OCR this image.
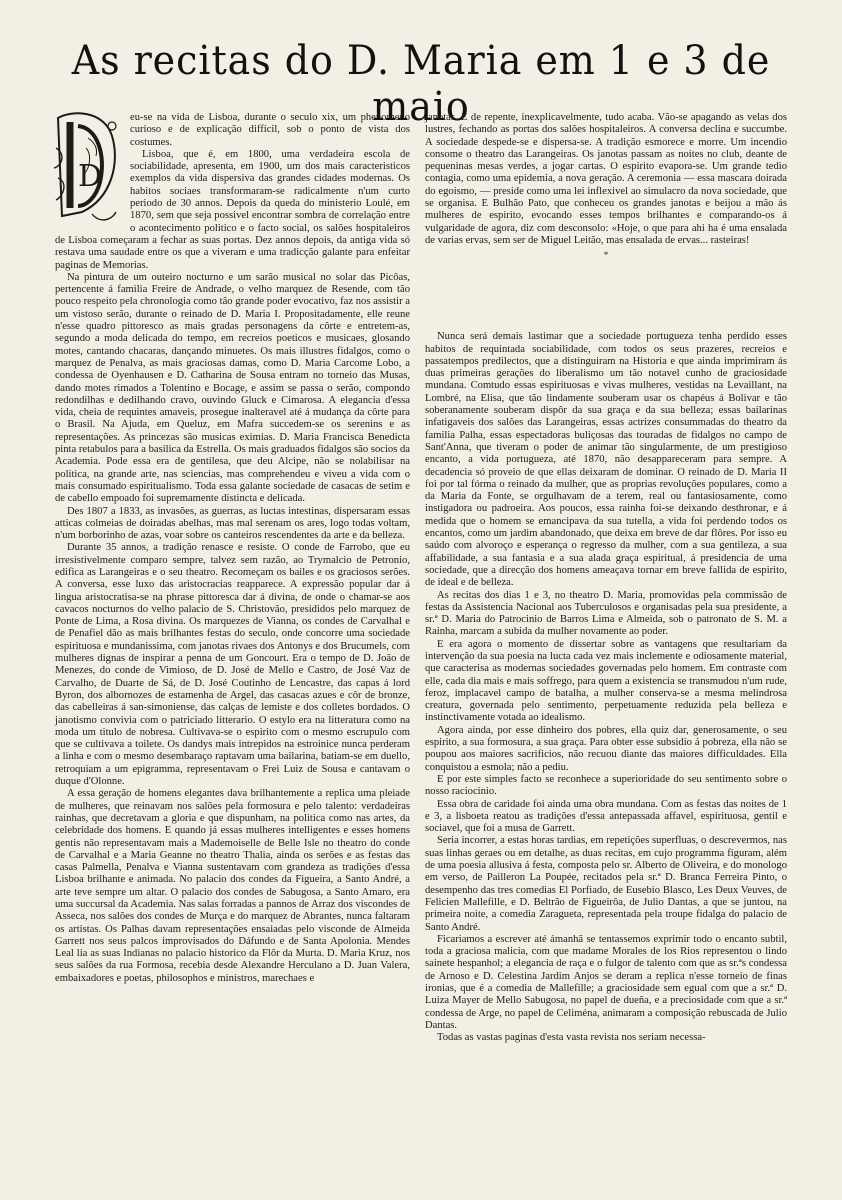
As recitas do D. Maria em 1 e 3 de maio
D

eu-se na vida de Lisboa, durante o seculo xix, um phenomeno curioso e de explicação difficil, sob o ponto de vista dos costumes.

Lisboa, que é, em 1800, uma verdadeira escola de sociabilidade, apresenta, em 1900, um dos mais caracteristicos exemplos da vida dispersiva das grandes cidades modernas. Os habitos sociaes transformaram-se radicalmente n'um curto periodo de 30 annos. Depois da queda do ministerio Loulé, em 1870, sem que seja possivel encontrar sombra de correlação entre o acontecimento politico e o facto social, os salões hospitaleiros de Lisboa começaram a fechar as suas portas. Dez annos depois, da antiga vida só restava uma saudade entre os que a viveram e uma tradicção galante para enfeitar paginas de Memorias.

Na pintura de um outeiro nocturno e um sarão musical no solar das Picôas, pertencente á familia Freire de Andrade, o velho marquez de Resende, com tão pouco respeito pela chronologia como tão grande poder evocativo, faz nos assistir a um vistoso serão, durante o reinado de D. Maria I. Propositadamente, elle reune n'esse quadro pittoresco as mais gradas personagens da côrte e entretem-as, segundo a moda delicada do tempo, em recreios poeticos e musicaes, glosando motes, cantando chacaras, dançando minuetes. Os mais illustres fidalgos, como o marquez de Penalva, as mais graciosas damas, como D. Maria Carcome Lobo, a condessa de Oyenhausen e D. Catharina de Sousa entram no torneio das Musas, dando motes rimados a Tolentino e Bocage, e assim se passa o serão, compondo redondilhas e dedilhando cravo, ouvindo Gluck e Cimarosa. A elegancia d'essa vida, cheia de requintes amaveis, prosegue inalteravel até á mudança da côrte para o Brasil. Na Ajuda, em Queluz, em Mafra succedem-se os serenins e as representações. As princezas são musicas eximias. D. Maria Francisca Benedicta pinta retabulos para a basilica da Estrella. Os mais graduados fidalgos são socios da Academia. Pode essa era de gentilesa, que deu Alcipe, não se nolabilisar na politica, na grande arte, nas sciencias, mas comprehendeu e viveu a vida com o mais consumado espiritualismo. Toda essa galante sociedade de casacas de setim e de cabello empoado foi supremamente distincta e delicada.

Des 1807 a 1833, as invasões, as guerras, as luctas intestinas, dispersaram essas atticas colmeias de doiradas abelhas, mas mal serenam os ares, logo todas voltam, n'um borborinho de azas, voar sobre os canteiros rescendentes da arte e da belleza.

Durante 35 annos, a tradição renasce e resiste. O conde de Farrobo, que eu irresistivelmente comparo sempre, talvez sem razão, ao Trymalcio de Petronio, edifica as Larangeiras e o seu theatro. Recomeçam os bailes e os graciosos serões. A conversa, esse luxo das aristocracias reapparece. A expressão popular dar á lingua aristocratisa-se na phrase pittoresca dar á divina, de onde o chamar-se aos cavacos nocturnos do velho palacio de S. Christovão, presididos pelo marquez de Ponte de Lima, a Rosa divina. Os marquezes de Vianna, os condes de Carvalhal e de Penafiel dão as mais brilhantes festas do seculo, onde concorre uma sociedade espirituosa e mundanissima, com janotas rivaes dos Antonys e dos Brucumels, com mulheres dignas de inspirar a penna de um Goncourt. Era o tempo de D. João de Menezes, do conde de Vimioso, de D. José de Mello e Castro, de José Vaz de Carvalho, de Duarte de Sá, de D. José Coutinho de Lencastre, das capas á lord Byron, dos albornozes de estamenha de Argel, das casacas azues e côr de bronze, das cabelleiras á san-simoniense, das calças de lemiste e dos colletes bordados. O janotismo convivia com o patriciado litterario. O estylo era na litteratura como na moda um titulo de nobresa. Cultivava-se o espirito com o mesmo escrupulo com que se cultivava a toilete. Os dandys mais intrepidos na estroinice nunca perderam a linha e com o mesmo desembaraço raptavam uma bailarina, batiam-se em duello, retroquiam a um epigramma, representavam o Frei Luiz de Sousa e cantavam o duque d'Olonne.

A essa geração de homens elegantes dava brilhantemente a replica uma pleiade de mulheres, que reinavam nos salões pela formosura e pelo talento: verdadeiras rainhas, que decretavam a gloria e que dispunham, na politica como nas artes, da celebridade dos homens. E quando já essas mulheres intelligentes e esses homens gentis não representavam mais a Mademoiselle de Belle Isle no theatro do conde de Carvalhal e a Maria Geanne no theatro Thalia, ainda os serões e as festas das casas Palmella, Penalva e Vianna sustentavam com grandeza as tradições d'essa Lisboa brilhante e animada. No palacio dos condes da Figueira, a Santo André, a arte teve sempre um altar. O palacio dos condes de Sabugosa, a Santo Amaro, era uma succursal da Academia. Nas salas forradas a pannos de Arraz dos viscondes de Asseca, nos salões dos condes de Murça e do marquez de Abrantes, nunca faltaram os artistas. Os Palhas davam representações ensaiadas pelo visconde de Almeida Garrett nos seus palcos improvisados do Dáfundo e de Santa Apolonia. Mendes Leal lia as suas Indianas no palacio historico da Flôr da Murta. D. Maria Kruz, nos seus salões da rua Formosa, recebia desde Alexandre Herculano a D. Juan Valera, embaixadores e poetas, philosophos e ministros, marechaes e

janotas. E de repente, inexplicavelmente, tudo acaba. Vão-se apagando as velas dos lustres, fechando as portas dos salões hospitaleiros. A conversa declina e succumbe. A sociedade despede-se e dispersa-se. A tradição esmorece e morre. Um incendio consome o theatro das Larangeiras. Os janotas passam as noites no club, deante de pequeninas mesas verdes, a jogar cartas. O espirito evapora-se. Um grande tedio contagia, como uma epidemia, a nova geração. A ceremonia — essa mascara doirada do egoismo, — preside como uma lei inflexivel ao simulacro da nova sociedade, que se organisa. E Bulhão Pato, que conheceu os grandes janotas e beijou a mão ás mulheres de espirito, evocando esses tempos brilhantes e comparando-os á vulgaridade de agora, diz com desconsolo: «Hoje, o que para ahi ha é uma ensalada de varias ervas, sem ser de Miguel Leitão, mas ensalada de ervas... rasteiras!

*

Nunca será demais lastimar que a sociedade portugueza tenha perdido esses habitos de requintada sociabilidade, com todos os seus prazeres, recreios e passatempos predilectos, que a distinguiram na Historia e que ainda imprimiram ás duas primeiras gerações do liberalismo um tão notavel cunho de graciosidade mundana. Comtudo essas espirituosas e vivas mulheres, vestidas na Levaillant, na Lombré, na Elisa, que tão lindamente souberam usar os chapéus á Bolivar e tão soberanamente souberam dispôr da sua graça e da sua belleza; essas bailarinas infatigaveis dos salões das Larangeiras, essas actrizes consummadas do theatro da familia Palha, essas espectadoras buliçosas das touradas de fidalgos no campo de Sant'Anna, que tiveram o poder de animar tão singularmente, de um prestigioso encanto, a vida portugueza, até 1870, não desappareceram para sempre. A decadencia só proveio de que ellas deixaram de dominar. O reinado de D. Maria II foi por tal fórma o reinado da mulher, que as proprias revoluções populares, como a da Maria da Fonte, se orgulhavam de a terem, real ou fantasiosamente, como instigadora ou padroeira. Aos poucos, essa rainha foi-se deixando desthronar, e á medida que o homem se emancipava da sua tutella, a vida foi perdendo todos os encantos, como um jardim abandonado, que deixa em breve de dar flôres. Por isso eu saúdo com alvoroço e esperança o regresso da mulher, com a sua gentileza, a sua affabilidade, a sua fantasia e a sua alada graça espiritual, á presidencia de uma sociedade, que a direcção dos homens ameaçava tornar em breve fallida de espirito, de ideal e de belleza.

As recitas dos dias 1 e 3, no theatro D. Maria, promovidas pela commissão de festas da Assistencia Nacional aos Tuberculosos e organisadas pela sua presidente, a sr.ª D. Maria do Patrocinio de Barros Lima e Almeida, sob o patronato de S. M. a Rainha, marcam a subida da mulher novamente ao poder.

E era agora o momento de dissertar sobre as vantagens que resultariam da intervenção da sua poesia na lucta cada vez mais inclemente e odiosamente material, que caracterisa as modernas sociedades governadas pelo homem. Em contraste com elle, cada dia mais e mais soffrego, para quem a existencia se transmudou n'um rude, feroz, implacavel campo de batalha, a mulher conserva-se a mesma melindrosa creatura, governada pelo sentimento, perpetuamente reduzida pela belleza e instinctivamente votada ao idealismo.

Agora ainda, por esse dinheiro dos pobres, ella quiz dar, generosamente, o seu espirito, a sua formosura, a sua graça. Para obter esse subsidio á pobreza, ella não se poupou aos maiores sacrificios, não recuou diante das maiores difficuldades. Ella conquistou a esmola; não a pediu.

E por este simples facto se reconhece a superioridade do seu sentimento sobre o nosso raciocinio.

Essa obra de caridade foi ainda uma obra mundana. Com as festas das noites de 1 e 3, a lisboeta reatou as tradições d'essa antepassada affavel, espirituosa, gentil e sociavel, que foi a musa de Garrett.

Seria incorrer, a estas horas tardias, em repetições superfluas, o descrevermos, nas suas linhas geraes ou em detalhe, as duas recitas, em cujo programma figuram, além de uma poesia allusiva á festa, composta pelo sr. Alberto de Oliveira, e do monologo em verso, de Pailleron La Poupée, recitados pela sr.ª D. Branca Ferreira Pinto, o desempenho das tres comedias El Porfiado, de Eusebio Blasco, Les Deux Veuves, de Felicien Mallefille, e D. Beltrão de Figueirôa, de Julio Dantas, a que se juntou, na primeira noite, a comedia Zaragueta, representada pela troupe fidalga do palacio de Santo André.

Ficariamos a escrever até ámanhã se tentassemos exprimir todo o encanto subtil, toda a graciosa malicia, com que madame Morales de los Rios representou o lindo sainete hespanhol; a elegancia de raça e o fulgor de talento com que as sr.ªs condessa de Arnoso e D. Celestina Jardim Anjos se deram a replica n'esse torneio de finas ironias, que é a comedia de Mallefille; a graciosidade sem egual com que a sr.ª D. Luiza Mayer de Mello Sabugosa, no papel de dueña, e a preciosidade com que a sr.ª condessa de Arge, no papel de Celiména, animaram a composição rebuscada de Julio Dantas.

Todas as vastas paginas d'esta vasta revista nos seriam necessa-
